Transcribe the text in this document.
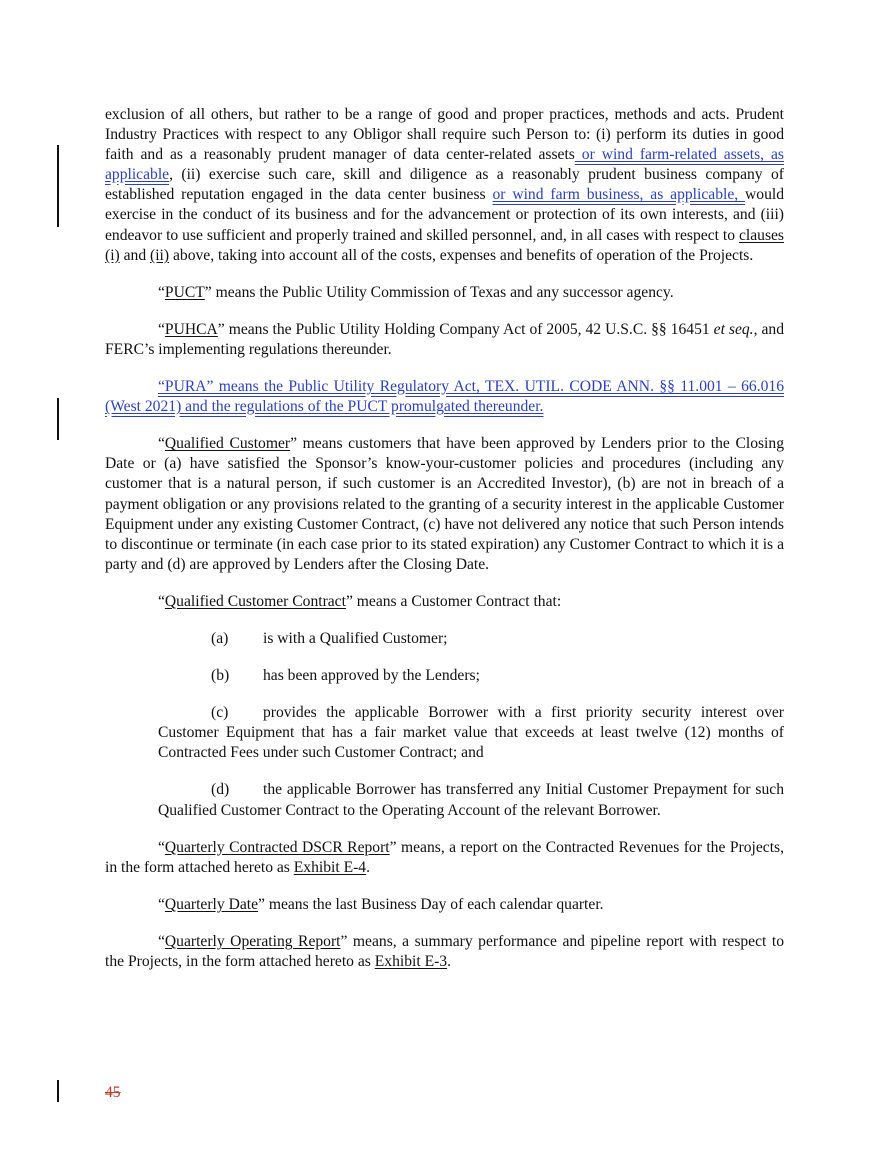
exclusion of all others, but rather to be a range of good and proper practices, methods and acts. Prudent Industry Practices with respect to any Obligor shall require such Person to: (i) perform its duties in good faith and as a reasonably prudent manager of data center-related assets or wind farm-related assets, as applicable, (ii) exercise such care, skill and diligence as a reasonably prudent business company of established reputation engaged in the data center business or wind farm business, as applicable, would exercise in the conduct of its business and for the advancement or protection of its own interests, and (iii) endeavor to use sufficient and properly trained and skilled personnel, and, in all cases with respect to clauses (i) and (ii) above, taking into account all of the costs, expenses and benefits of operation of the Projects.

“PUCT” means the Public Utility Commission of Texas and any successor agency.

“PUHCA” means the Public Utility Holding Company Act of 2005, 42 U.S.C. §§ 16451 et seq., and FERC’s implementing regulations thereunder.

“PURA” means the Public Utility Regulatory Act, TEX. UTIL. CODE ANN. §§ 11.001 – 66.016 (West 2021) and the regulations of the PUCT promulgated thereunder.

“Qualified Customer” means customers that have been approved by Lenders prior to the Closing Date or (a) have satisfied the Sponsor’s know-your-customer policies and procedures (including any customer that is a natural person, if such customer is an Accredited Investor), (b) are not in breach of a payment obligation or any provisions related to the granting of a security interest in the applicable Customer Equipment under any existing Customer Contract, (c) have not delivered any notice that such Person intends to discontinue or terminate (in each case prior to its stated expiration) any Customer Contract to which it is a party and (d) are approved by Lenders after the Closing Date.

“Qualified Customer Contract” means a Customer Contract that:

(a) is with a Qualified Customer;
(b) has been approved by the Lenders;
(c) provides the applicable Borrower with a first priority security interest over Customer Equipment that has a fair market value that exceeds at least twelve (12) months of Contracted Fees under such Customer Contract; and
(d) the applicable Borrower has transferred any Initial Customer Prepayment for such Qualified Customer Contract to the Operating Account of the relevant Borrower.

“Quarterly Contracted DSCR Report” means, a report on the Contracted Revenues for the Projects, in the form attached hereto as Exhibit E-4.

“Quarterly Date” means the last Business Day of each calendar quarter.

“Quarterly Operating Report” means, a summary performance and pipeline report with respect to the Projects, in the form attached hereto as Exhibit E-3.

45
